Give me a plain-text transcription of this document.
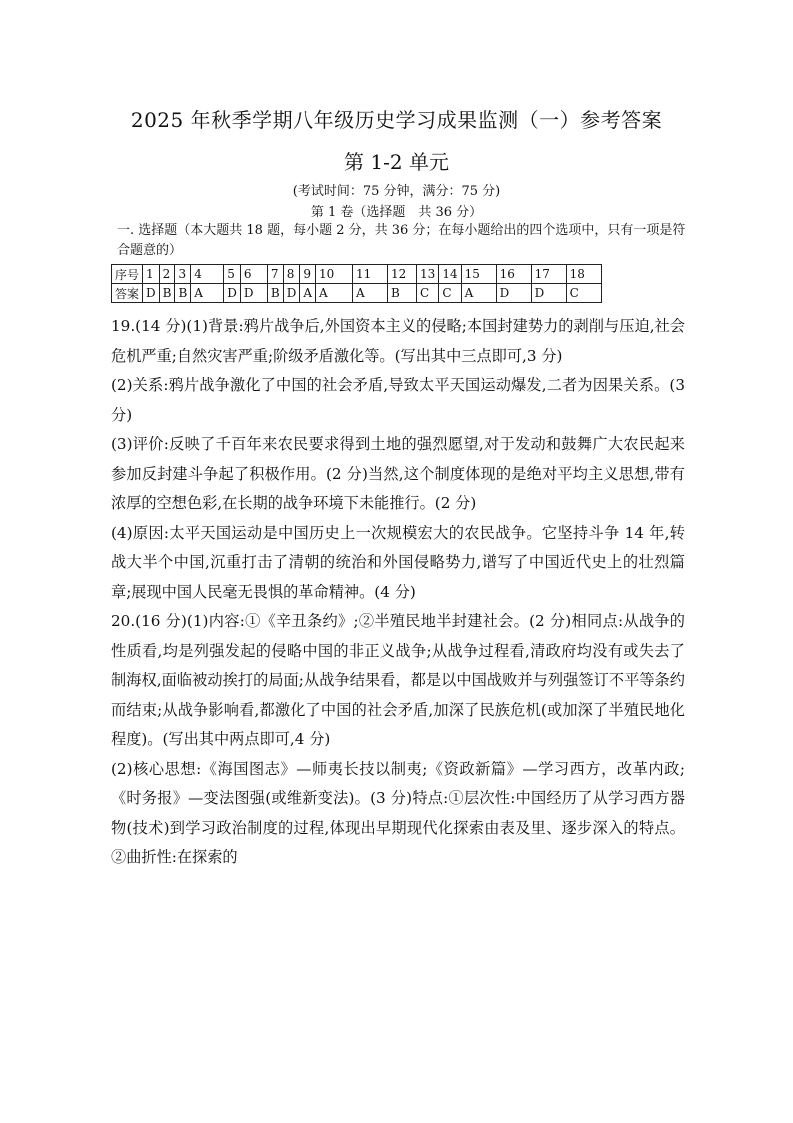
2025 年秋季学期八年级历史学习成果监测（一）参考答案
第 1-2 单元
(考试时间：75 分钟，满分：75 分)
第 1 卷（选择题　共 36 分）
一. 选择题（本大题共 18 题，每小题 2 分，共 36 分；在每小题给出的四个选项中，只有一项是符合题意的）
序号	1	2	3	4	5	6	7	8	9	10	11	12	13	14	15	16	17	18
答案	D	B	B	A	D	D	B	D	A	A	A	B	C	C	A	D	D	C

19.(14 分)(1)背景:鸦片战争后,外国资本主义的侵略;本国封建势力的剥削与压迫,社会危机严重;自然灾害严重;阶级矛盾激化等。(写出其中三点即可,3 分)

(2)关系:鸦片战争激化了中国的社会矛盾,导致太平天国运动爆发,二者为因果关系。(3 分)

(3)评价:反映了千百年来农民要求得到土地的强烈愿望,对于发动和鼓舞广大农民起来参加反封建斗争起了积极作用。(2 分)当然,这个制度体现的是绝对平均主义思想,带有浓厚的空想色彩,在长期的战争环境下未能推行。(2 分)

(4)原因:太平天国运动是中国历史上一次规模宏大的农民战争。它坚持斗争 14 年,转战大半个中国,沉重打击了清朝的统治和外国侵略势力,谱写了中国近代史上的壮烈篇章;展现中国人民毫无畏惧的革命精神。(4 分)

20.(16 分)(1)内容:①《辛丑条约》;②半殖民地半封建社会。(2 分)相同点:从战争的性质看,均是列强发起的侵略中国的非正义战争;从战争过程看,清政府均没有或失去了制海权,面临被动挨打的局面;从战争结果看，都是以中国战败并与列强签订不平等条约而结束;从战争影响看,都激化了中国的社会矛盾,加深了民族危机(或加深了半殖民地化程度)。(写出其中两点即可,4 分)

(2)核心思想:《海国图志》—师夷长技以制夷;《资政新篇》—学习西方，改革内政;《时务报》—变法图强(或维新变法)。(3 分)特点:①层次性:中国经历了从学习西方器物(技术)到学习政治制度的过程,体现出早期现代化探索由表及里、逐步深入的特点。②曲折性:在探索的
